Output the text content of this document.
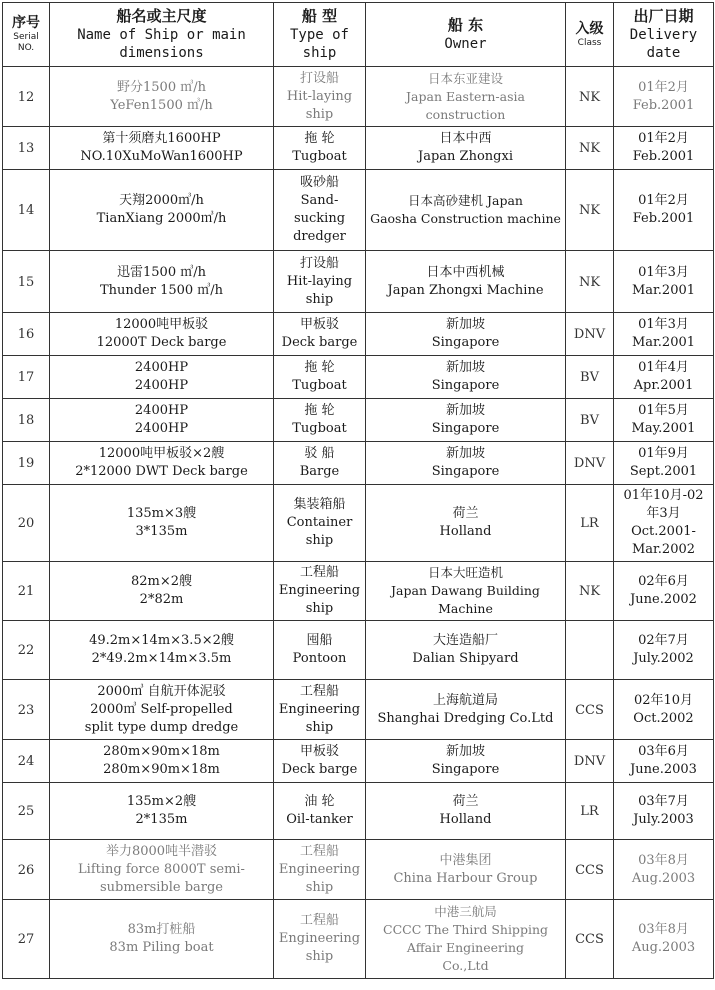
序号
Serial
NO.	船名或主尺度
Name of Ship or main
dimensions	船 型
Type of
ship	船 东
Owner	入级
Class	出厂日期
Delivery
date

12	野分1500 ㎥/h
YeFen1500 ㎥/h	打设船
Hit-laying
ship	日本东亚建设
Japan Eastern-asia
construction	NK	01年2月
Feb.2001

13	第十须磨丸1600HP
NO.10XuMoWan1600HP	拖 轮
Tugboat	日本中西
Japan Zhongxi	NK	01年2月
Feb.2001

14	天翔2000㎥/h
TianXiang 2000㎥/h	吸砂船
Sand-
sucking
dredger	日本高砂建机 Japan
Gaosha Construction machine	NK	01年2月
Feb.2001

15	迅雷1500 ㎥/h
Thunder 1500 ㎥/h	打设船
Hit-laying
ship	日本中西机械
Japan Zhongxi Machine	NK	01年3月
Mar.2001

16	12000吨甲板驳
12000T Deck barge	甲板驳
Deck barge	新加坡
Singapore	DNV	01年3月
Mar.2001

17	2400HP
2400HP	拖 轮
Tugboat	新加坡
Singapore	BV	01年4月
Apr.2001

18	2400HP
2400HP	拖 轮
Tugboat	新加坡
Singapore	BV	01年5月
May.2001

19	12000吨甲板驳×2艘
2*12000 DWT Deck barge	驳 船
Barge	新加坡
Singapore	DNV	01年9月
Sept.2001

20	135m×3艘
3*135m	集装箱船
Container
ship	荷兰
Holland	LR	01年10月-02
年3月
Oct.2001-
Mar.2002

21	82m×2艘
2*82m	工程船
Engineering
ship	日本大旺造机
Japan Dawang Building
Machine	NK	02年6月
June.2002

22	49.2m×14m×3.5×2艘
2*49.2m×14m×3.5m	囤船
Pontoon	大连造船厂
Dalian Shipyard		02年7月
July.2002

23	2000㎥ 自航开体泥驳
2000㎥ Self-propelled
split type dump dredge	工程船
Engineering
ship	上海航道局
Shanghai Dredging Co.Ltd	CCS	02年10月
Oct.2002

24	280m×90m×18m
280m×90m×18m	甲板驳
Deck barge	新加坡
Singapore	DNV	03年6月
June.2003

25	135m×2艘
2*135m	油 轮
Oil-tanker	荷兰
Holland	LR	03年7月
July.2003

26	举力8000吨半潜驳
Lifting force 8000T semi-
submersible barge	工程船
Engineering
ship	中港集团
China Harbour Group	CCS	03年8月
Aug.2003

27	83m打桩船
83m Piling boat	工程船
Engineering
ship	中港三航局
CCCC The Third Shipping
Affair Engineering
Co.,Ltd	CCS	03年8月
Aug.2003
